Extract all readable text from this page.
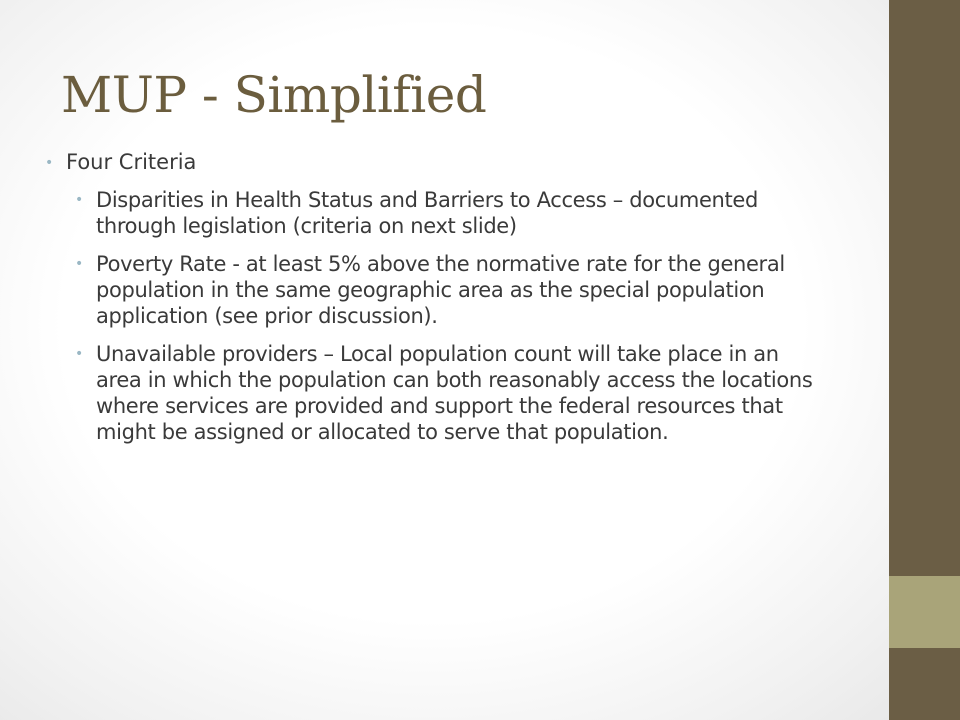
MUP - Simplified
• Four Criteria
• Disparities in Health Status and Barriers to Access – documented through legislation (criteria on next slide)
• Poverty Rate - at least 5% above the normative rate for the general population in the same geographic area as the special population application (see prior discussion).
• Unavailable providers – Local population count will take place in an area in which the population can both reasonably access the locations where services are provided and support the federal resources that might be assigned or allocated to serve that population.
